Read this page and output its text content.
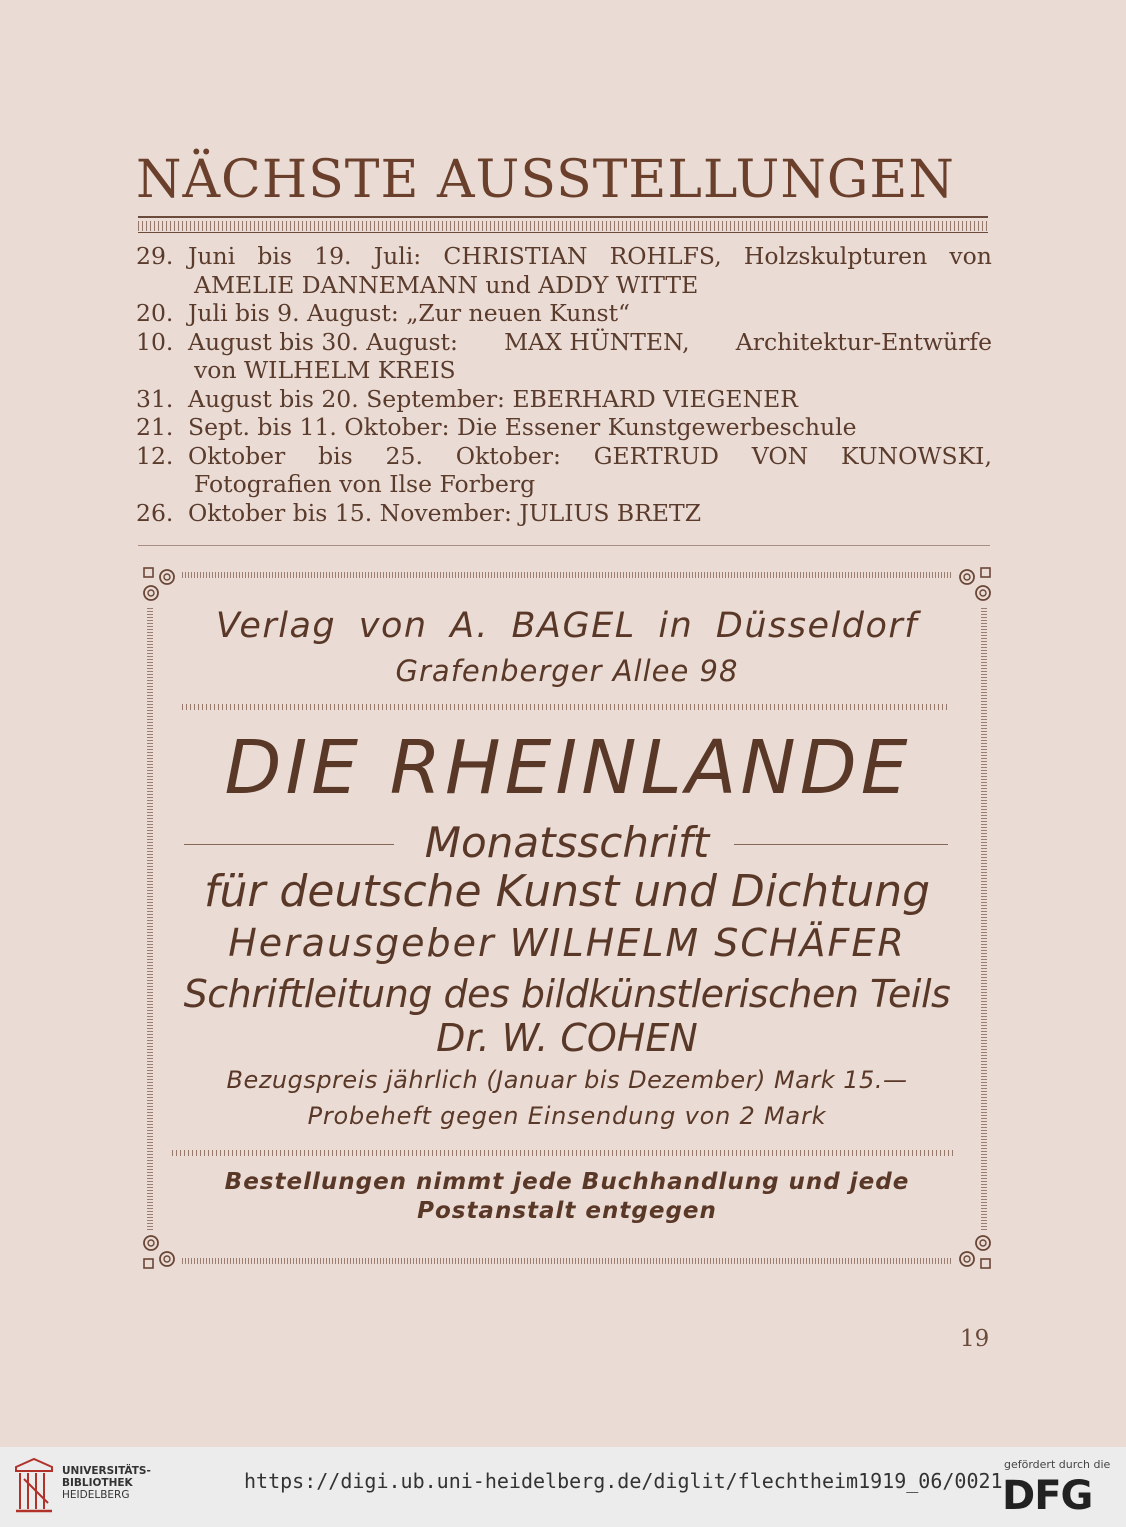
NÄCHSTE AUSSTELLUNGEN
29. Juni bis 19. Juli: CHRISTIAN ROHLFS, Holzskulpturen von
AMELIE DANNEMANN und ADDY WITTE
20. Juli bis 9. August: „Zur neuen Kunst“
10. August bis 30. August: MAX HÜNTEN, Architektur-Entwürfe
von WILHELM KREIS
31. August bis 20. September: EBERHARD VIEGENER
21. Sept. bis 11. Oktober: Die Essener Kunstgewerbeschule
12. Oktober bis 25. Oktober: GERTRUD VON KUNOWSKI,
Fotografien von Ilse Forberg
26. Oktober bis 15. November: JULIUS BRETZ
Verlag von A. BAGEL in Düsseldorf
Grafenberger Allee 98
DIE RHEINLANDE
Monatsschrift
für deutsche Kunst und Dichtung
Herausgeber WILHELM SCHÄFER
Schriftleitung des bildkünstlerischen Teils
Dr. W. COHEN
Bezugspreis jährlich (Januar bis Dezember) Mark 15.—
Probeheft gegen Einsendung von 2 Mark
Bestellungen nimmt jede Buchhandlung und jede
Postanstalt entgegen
19
UNIVERSITÄTS-
BIBLIOTHEK
HEIDELBERG
https://digi.ub.uni-heidelberg.de/diglit/flechtheim1919_06/0021
gefördert durch die
DFG
